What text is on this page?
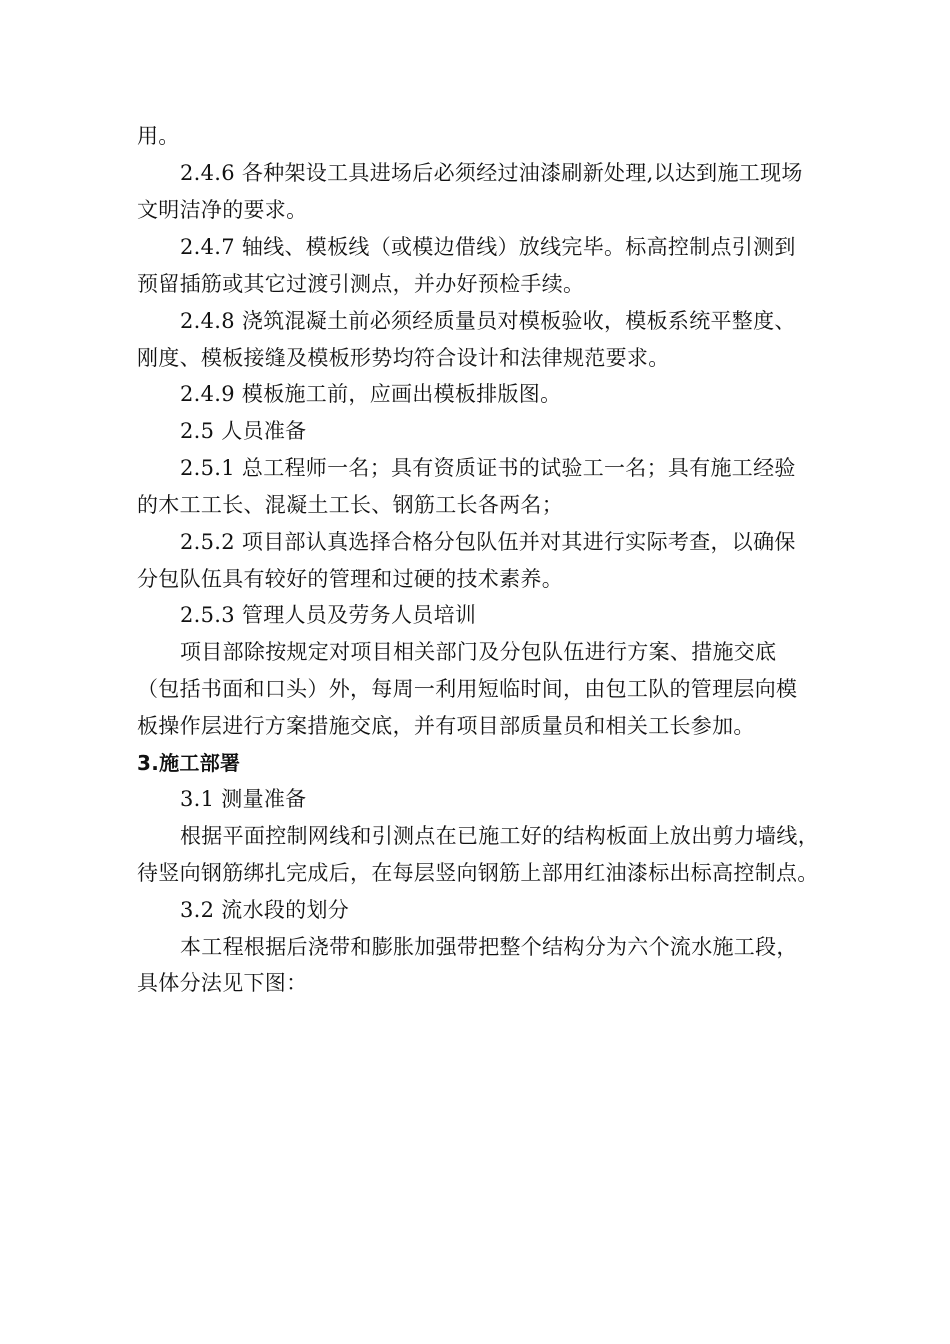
用。
2.4.6 各种架设工具进场后必须经过油漆刷新处理,以达到施工现场
文明洁净的要求。
2.4.7 轴线、模板线（或模边借线）放线完毕。标高控制点引测到
预留插筋或其它过渡引测点，并办好预检手续。
2.4.8 浇筑混凝土前必须经质量员对模板验收，模板系统平整度、
刚度、模板接缝及模板形势均符合设计和法律规范要求。
2.4.9 模板施工前，应画出模板排版图。
2.5 人员准备
2.5.1 总工程师一名；具有资质证书的试验工一名；具有施工经验
的木工工长、混凝土工长、钢筋工长各两名；
2.5.2 项目部认真选择合格分包队伍并对其进行实际考查，以确保
分包队伍具有较好的管理和过硬的技术素养。
2.5.3 管理人员及劳务人员培训
项目部除按规定对项目相关部门及分包队伍进行方案、措施交底
（包括书面和口头）外，每周一利用短临时间，由包工队的管理层向模
板操作层进行方案措施交底，并有项目部质量员和相关工长参加。
3.施工部署
3.1 测量准备
根据平面控制网线和引测点在已施工好的结构板面上放出剪力墙线，
待竖向钢筋绑扎完成后，在每层竖向钢筋上部用红油漆标出标高控制点。
3.2 流水段的划分
本工程根据后浇带和膨胀加强带把整个结构分为六个流水施工段，
具体分法见下图：
